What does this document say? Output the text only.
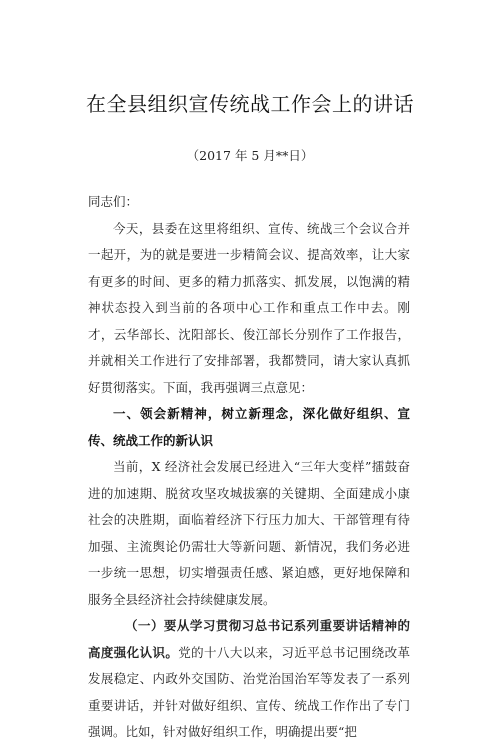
在全县组织宣传统战工作会上的讲话
（2017 年 5 月**日）

同志们：

今天，县委在这里将组织、宣传、统战三个会议合并一起开，为的就是要进一步精简会议、提高效率，让大家有更多的时间、更多的精力抓落实、抓发展，以饱满的精神状态投入到当前的各项中心工作和重点工作中去。刚才，云华部长、沈阳部长、俊江部长分别作了工作报告，并就相关工作进行了安排部署，我都赞同，请大家认真抓好贯彻落实。下面，我再强调三点意见：

一、领会新精神，树立新理念，深化做好组织、宣传、统战工作的新认识

当前，X 经济社会发展已经进入“三年大变样”擂鼓奋进的加速期、脱贫攻坚攻城拔寨的关键期、全面建成小康社会的决胜期，面临着经济下行压力加大、干部管理有待加强、主流舆论仍需壮大等新问题、新情况，我们务必进一步统一思想，切实增强责任感、紧迫感，更好地保障和服务全县经济社会持续健康发展。

（一）要从学习贯彻习总书记系列重要讲话精神的高度强化认识。党的十八大以来，习近平总书记围绕改革发展稳定、内政外交国防、治党治国治军等发表了一系列重要讲话，并针对做好组织、宣传、统战工作作出了专门强调。比如，针对做好组织工作，明确提出要“把
